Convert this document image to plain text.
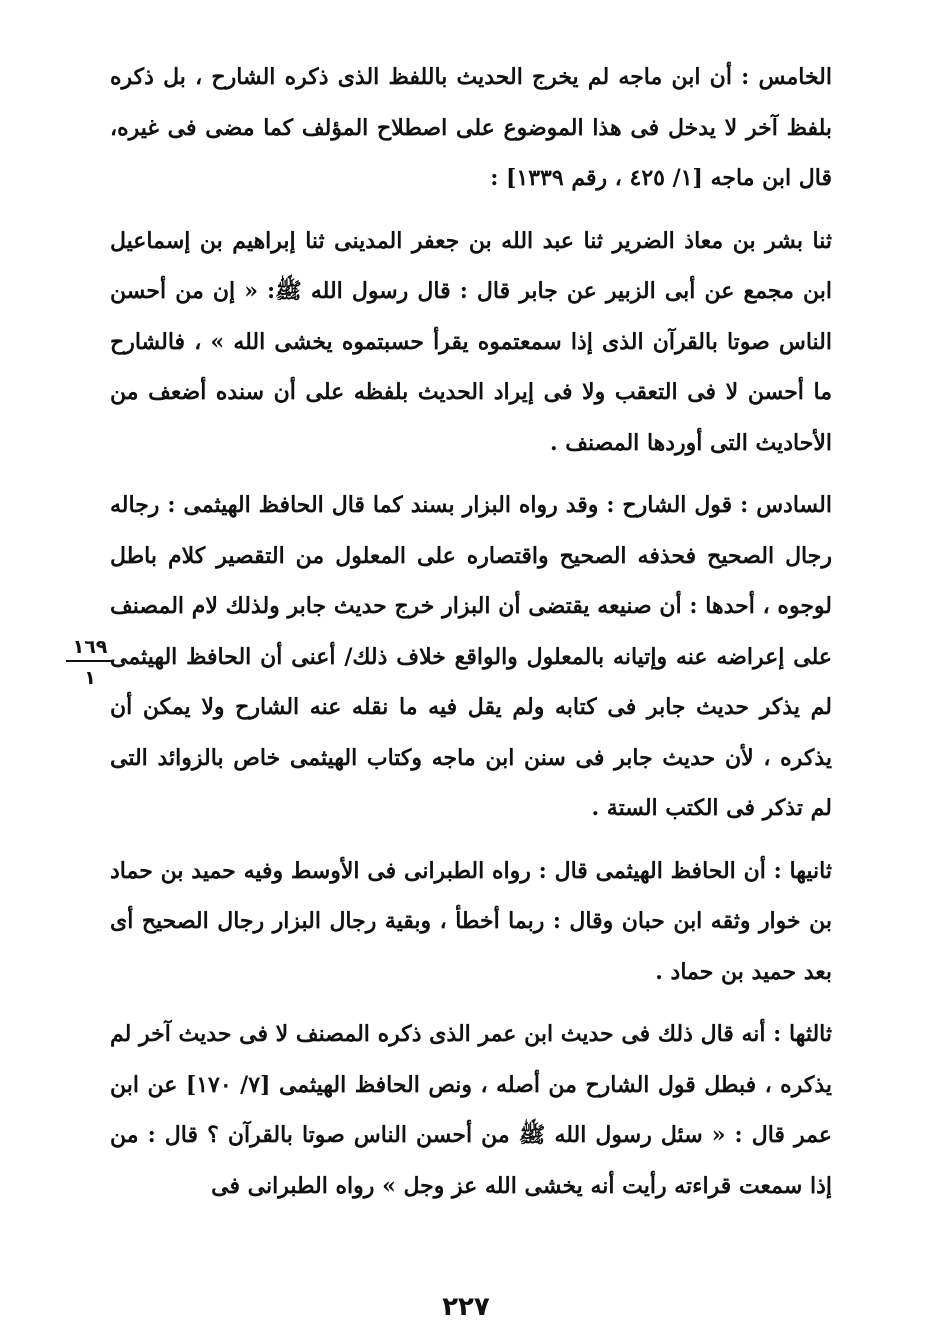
الخامس : أن ابن ماجه لم يخرج الحديث باللفظ الذى ذكره الشارح ، بل ذكره بلفظ آخر لا يدخل فى هذا الموضوع على اصطلاح المؤلف كما مضى فى غيره، قال ابن ماجه [١/ ٤٢٥ ، رقم ١٣٣٩] :

ثنا بشر بن معاذ الضرير ثنا عبد الله بن جعفر المدينى ثنا إبراهيم بن إسماعيل ابن مجمع عن أبى الزبير عن جابر قال : قال رسول الله ﷺ: « إن من أحسن الناس صوتا بالقرآن الذى إذا سمعتموه يقرأ حسبتموه يخشى الله » ، فالشارح ما أحسن لا فى التعقب ولا فى إيراد الحديث بلفظه على أن سنده أضعف من الأحاديث التى أوردها المصنف .

السادس : قول الشارح : وقد رواه البزار بسند كما قال الحافظ الهيثمى : رجاله رجال الصحيح فحذفه الصحيح واقتصاره على المعلول من التقصير كلام باطل لوجوه ، أحدها : أن صنيعه يقتضى أن البزار خرج حديث جابر ولذلك لام المصنف على إعراضه عنه وإتيانه بالمعلول والواقع خلاف ذلك/ أعنى أن الحافظ الهيثمى لم يذكر حديث جابر فى كتابه ولم يقل فيه ما نقله عنه الشارح ولا يمكن أن يذكره ، لأن حديث جابر فى سنن ابن ماجه وكتاب الهيثمى خاص بالزوائد التى لم تذكر فى الكتب الستة .

ثانيها : أن الحافظ الهيثمى قال : رواه الطبرانى فى الأوسط وفيه حميد بن حماد بن خوار وثقه ابن حبان وقال : ربما أخطأ ، وبقية رجال البزار رجال الصحيح أى بعد حميد بن حماد .

ثالثها : أنه قال ذلك فى حديث ابن عمر الذى ذكره المصنف لا فى حديث آخر لم يذكره ، فبطل قول الشارح من أصله ، ونص الحافظ الهيثمى [٧/ ١٧٠] عن ابن عمر قال : « سئل رسول الله ﷺ من أحسن الناس صوتا بالقرآن ؟ قال : من إذا سمعت قراءته رأيت أنه يخشى الله عز وجل » رواه الطبرانى فى

١٦٩
١
٢٢٧
